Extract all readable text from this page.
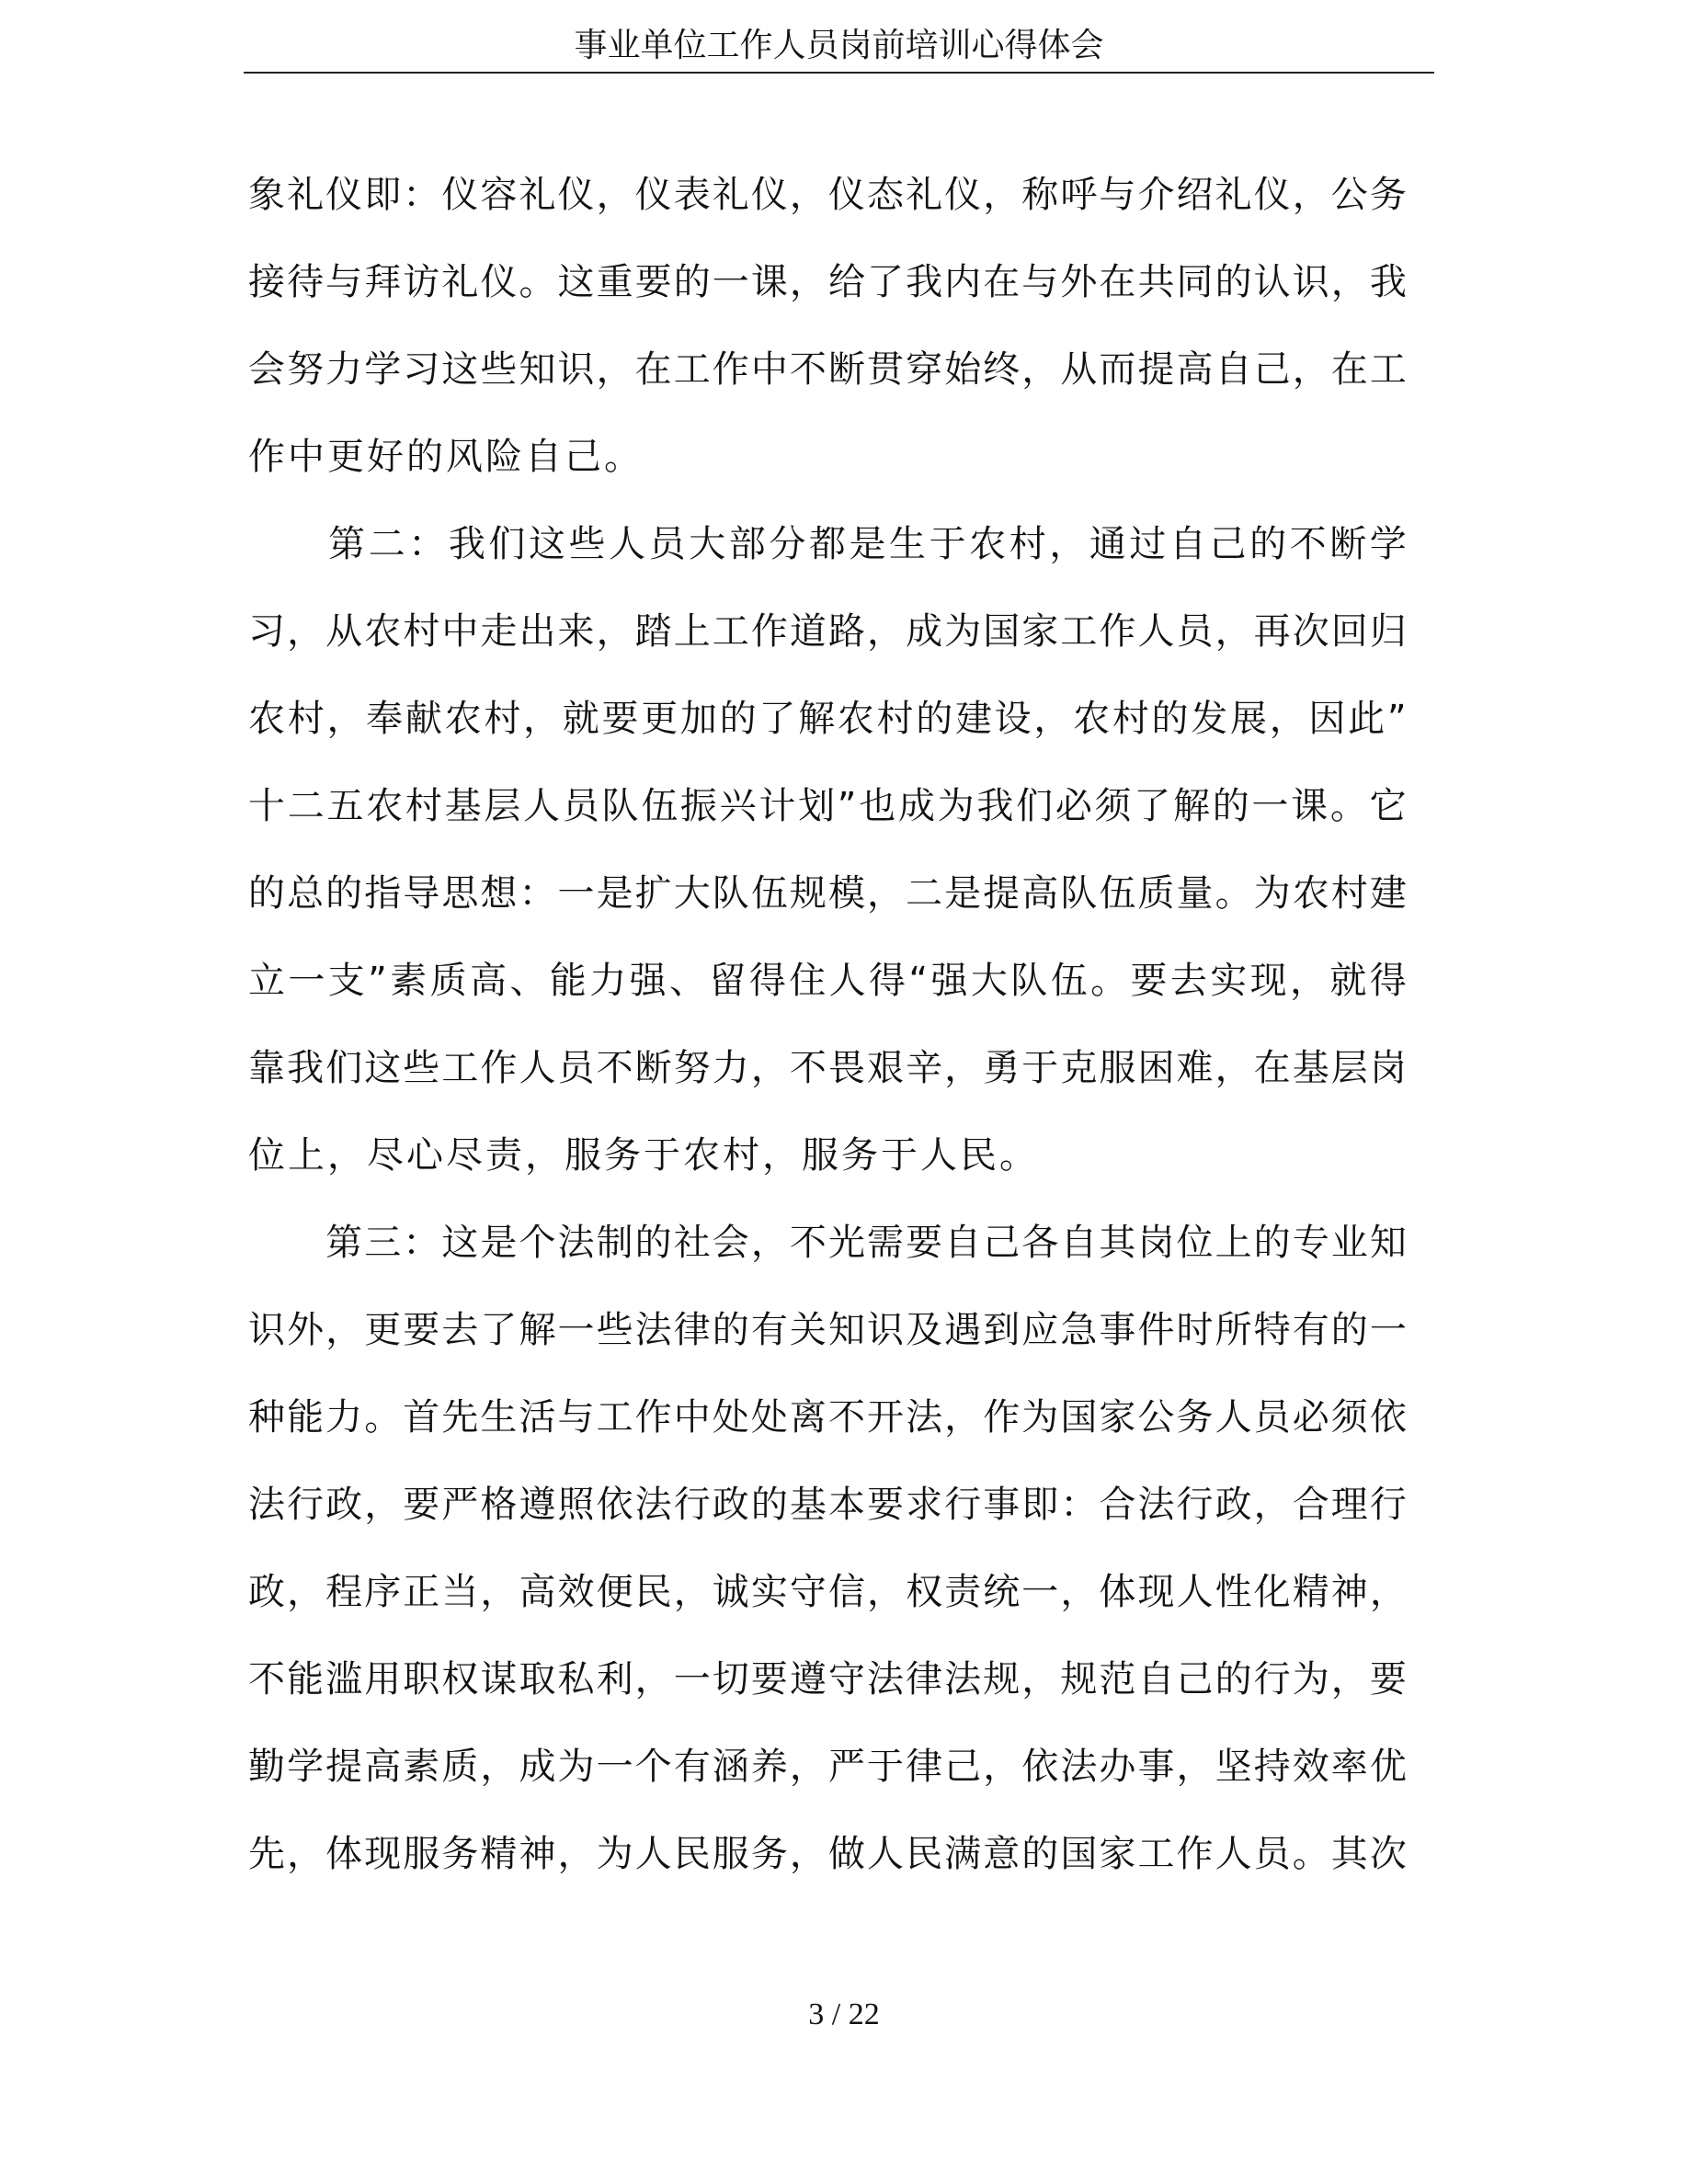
事业单位工作人员岗前培训心得体会
象 礼 仪 即 ： 仪 容 礼 仪 ， 仪 表 礼 仪 ， 仪 态 礼 仪 ， 称 呼 与 介 绍 礼 仪 ， 公 务
接 待 与 拜 访 礼 仪 。 这 重 要 的 一 课 ， 给 了 我 内 在 与 外 在 共 同 的 认 识 ， 我
会 努 力 学 习 这 些 知 识 ， 在 工 作 中 不 断 贯 穿 始 终 ， 从 而 提 高 自 己 ， 在 工
作 中 更 好 的 风 险 自 己 。

第 二 ： 我 们 这 些 人 员 大 部 分 都 是 生 于 农 村 ， 通 过 自 己 的 不 断 学
习 ， 从 农 村 中 走 出 来 ， 踏 上 工 作 道 路 ， 成 为 国 家 工 作 人 员 ， 再 次 回 归
农 村 ， 奉 献 农 村 ， 就 要 更 加 的 了 解 农 村 的 建 设 ， 农 村 的 发 展 ， 因 此 ”
十 二 五 农 村 基 层 人 员 队 伍 振 兴 计 划 ” 也 成 为 我 们 必 须 了 解 的 一 课 。 它
的 总 的 指 导 思 想 ： 一 是 扩 大 队 伍 规 模 ， 二 是 提 高 队 伍 质 量 。 为 农 村 建
立 一 支 ” 素 质 高 、 能 力 强 、 留 得 住 人 得 “ 强 大 队 伍 。 要 去 实 现 ， 就 得
靠 我 们 这 些 工 作 人 员 不 断 努 力 ， 不 畏 艰 辛 ， 勇 于 克 服 困 难 ， 在 基 层 岗
位 上 ， 尽 心 尽 责 ， 服 务 于 农 村 ， 服 务 于 人 民 。

第 三 ： 这 是 个 法 制 的 社 会 ， 不 光 需 要 自 己 各 自 其 岗 位 上 的 专 业 知
识 外 ， 更 要 去 了 解 一 些 法 律 的 有 关 知 识 及 遇 到 应 急 事 件 时 所 特 有 的 一
种 能 力 。 首 先 生 活 与 工 作 中 处 处 离 不 开 法 ， 作 为 国 家 公 务 人 员 必 须 依
法 行 政 ， 要 严 格 遵 照 依 法 行 政 的 基 本 要 求 行 事 即 ： 合 法 行 政 ， 合 理 行
政 ， 程 序 正 当 ， 高 效 便 民 ， 诚 实 守 信 ， 权 责 统 一 ， 体 现 人 性 化 精 神 ，
不 能 滥 用 职 权 谋 取 私 利 ， 一 切 要 遵 守 法 律 法 规 ， 规 范 自 己 的 行 为 ， 要
勤 学 提 高 素 质 ， 成 为 一 个 有 涵 养 ， 严 于 律 己 ， 依 法 办 事 ， 坚 持 效 率 优
先 ， 体 现 服 务 精 神 ， 为 人 民 服 务 ， 做 人 民 满 意 的 国 家 工 作 人 员 。 其 次
3 / 22
